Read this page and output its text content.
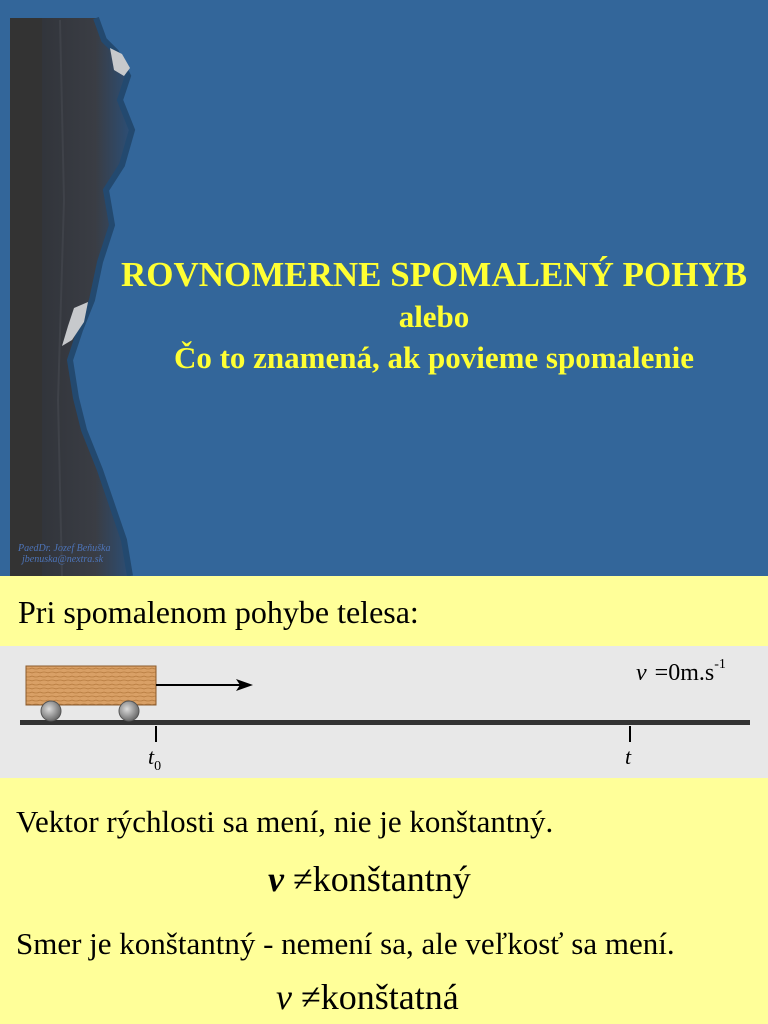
ROVNOMERNE SPOMALENÝ POHYB
alebo
Čo to znamená, ak povieme spomalenie
PaedDr. Jozef Beňuška
jbenuska@nextra.sk
Pri spomalenom pohybe telesa:
$t_0$	t
$v =0m.s^{-1}$
Vektor rýchlosti sa mení, nie je konštantný.
v ≠konštantný
Smer je konštantný - nemení sa, ale veľkosť sa mení.
v ≠konštatná
